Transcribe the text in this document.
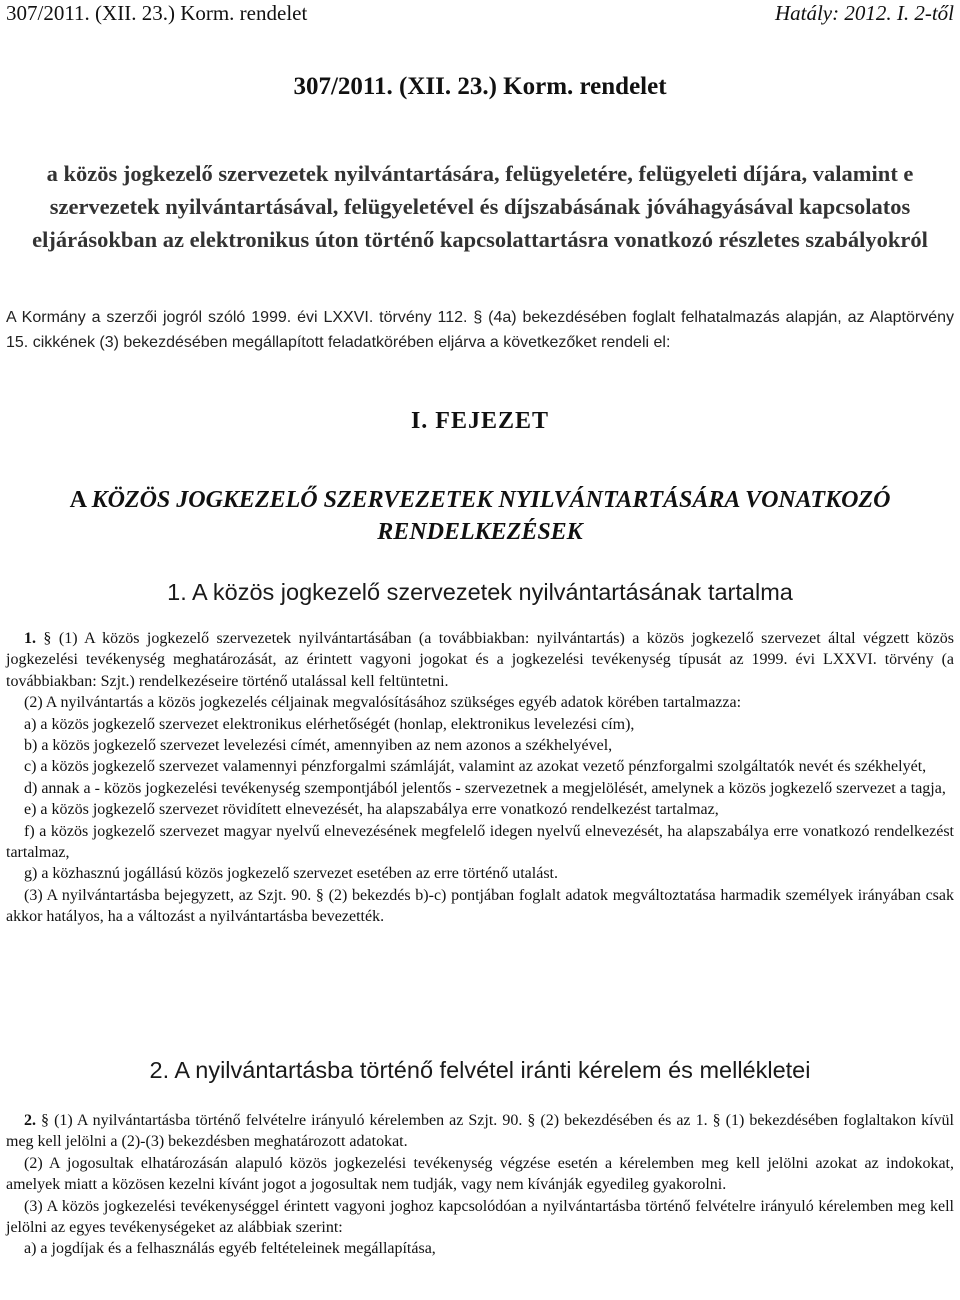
307/2011. (XII. 23.) Korm. rendelet	Hatály: 2012. I. 2-től
307/2011. (XII. 23.) Korm. rendelet
a közös jogkezelő szervezetek nyilvántartására, felügyeletére, felügyeleti díjára, valamint e szervezetek nyilvántartásával, felügyeletével és díjszabásának jóváhagyásával kapcsolatos eljárásokban az elektronikus úton történő kapcsolattartásra vonatkozó részletes szabályokról
A Kormány a szerzői jogról szóló 1999. évi LXXVI. törvény 112. § (4a) bekezdésében foglalt felhatalmazás alapján, az Alaptörvény 15. cikkének (3) bekezdésében megállapított feladatkörében eljárva a következőket rendeli el:
I. FEJEZET
A KÖZÖS JOGKEZELŐ SZERVEZETEK NYILVÁNTARTÁSÁRA VONATKOZÓ RENDELKEZÉSEK
1. A közös jogkezelő szervezetek nyilvántartásának tartalma

1. § (1) A közös jogkezelő szervezetek nyilvántartásában (a továbbiakban: nyilvántartás) a közös jogkezelő szervezet által végzett közös jogkezelési tevékenység meghatározását, az érintett vagyoni jogokat és a jogkezelési tevékenység típusát az 1999. évi LXXVI. törvény (a továbbiakban: Szjt.) rendelkezéseire történő utalással kell feltüntetni.

(2) A nyilvántartás a közös jogkezelés céljainak megvalósításához szükséges egyéb adatok körében tartalmazza:

a) a közös jogkezelő szervezet elektronikus elérhetőségét (honlap, elektronikus levelezési cím),

b) a közös jogkezelő szervezet levelezési címét, amennyiben az nem azonos a székhelyével,

c) a közös jogkezelő szervezet valamennyi pénzforgalmi számláját, valamint az azokat vezető pénzforgalmi szolgáltatók nevét és székhelyét,

d) annak a - közös jogkezelési tevékenység szempontjából jelentős - szervezetnek a megjelölését, amelynek a közös jogkezelő szervezet a tagja,

e) a közös jogkezelő szervezet rövidített elnevezését, ha alapszabálya erre vonatkozó rendelkezést tartalmaz,

f) a közös jogkezelő szervezet magyar nyelvű elnevezésének megfelelő idegen nyelvű elnevezését, ha alapszabálya erre vonatkozó rendelkezést tartalmaz,

g) a közhasznú jogállású közös jogkezelő szervezet esetében az erre történő utalást.

(3) A nyilvántartásba bejegyzett, az Szjt. 90. § (2) bekezdés b)-c) pontjában foglalt adatok megváltoztatása harmadik személyek irányában csak akkor hatályos, ha a változást a nyilvántartásba bevezették.

2. A nyilvántartásba történő felvétel iránti kérelem és mellékletei

2. § (1) A nyilvántartásba történő felvételre irányuló kérelemben az Szjt. 90. § (2) bekezdésében és az 1. § (1) bekezdésében foglaltakon kívül meg kell jelölni a (2)-(3) bekezdésben meghatározott adatokat.

(2) A jogosultak elhatározásán alapuló közös jogkezelési tevékenység végzése esetén a kérelemben meg kell jelölni azokat az indokokat, amelyek miatt a közösen kezelni kívánt jogot a jogosultak nem tudják, vagy nem kívánják egyedileg gyakorolni.

(3) A közös jogkezelési tevékenységgel érintett vagyoni joghoz kapcsolódóan a nyilvántartásba történő felvételre irányuló kérelemben meg kell jelölni az egyes tevékenységeket az alábbiak szerint:

a) a jogdíjak és a felhasználás egyéb feltételeinek megállapítása,
